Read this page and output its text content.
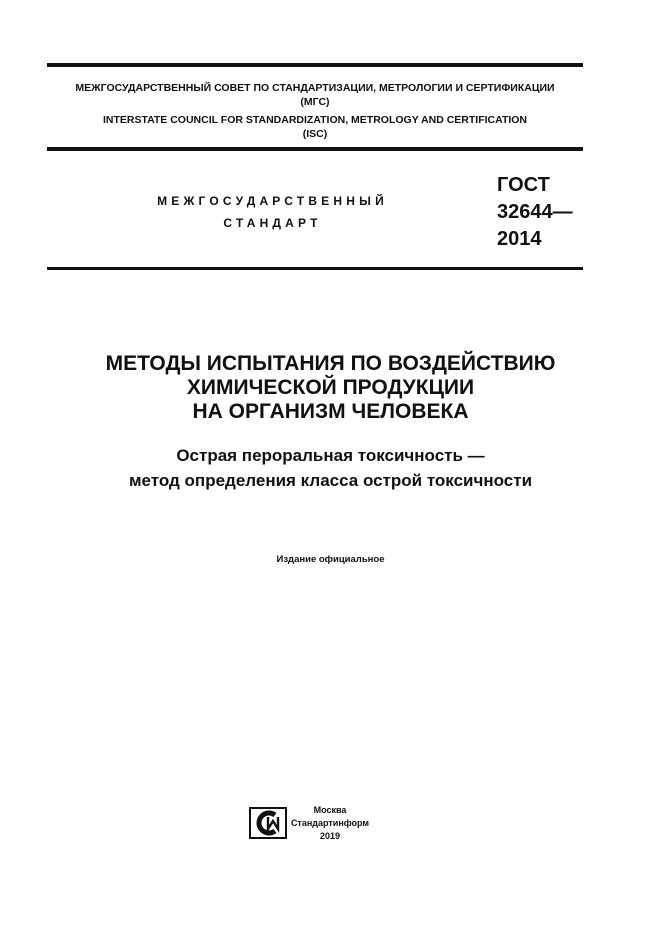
МЕЖГОСУДАРСТВЕННЫЙ СОВЕТ ПО СТАНДАРТИЗАЦИИ, МЕТРОЛОГИИ И СЕРТИФИКАЦИИ
(МГС)
INTERSTATE COUNCIL FOR STANDARDIZATION, METROLOGY AND CERTIFICATION
(ISC)
МЕЖГОСУДАРСТВЕННЫЙ
СТАНДАРТ
ГОСТ
32644—
2014
МЕТОДЫ ИСПЫТАНИЯ ПО ВОЗДЕЙСТВИЮ
ХИМИЧЕСКОЙ ПРОДУКЦИИ
НА ОРГАНИЗМ ЧЕЛОВЕКА
Острая пероральная токсичность —
метод определения класса острой токсичности
Издание официальное
Москва
Стандартинформ
2019
